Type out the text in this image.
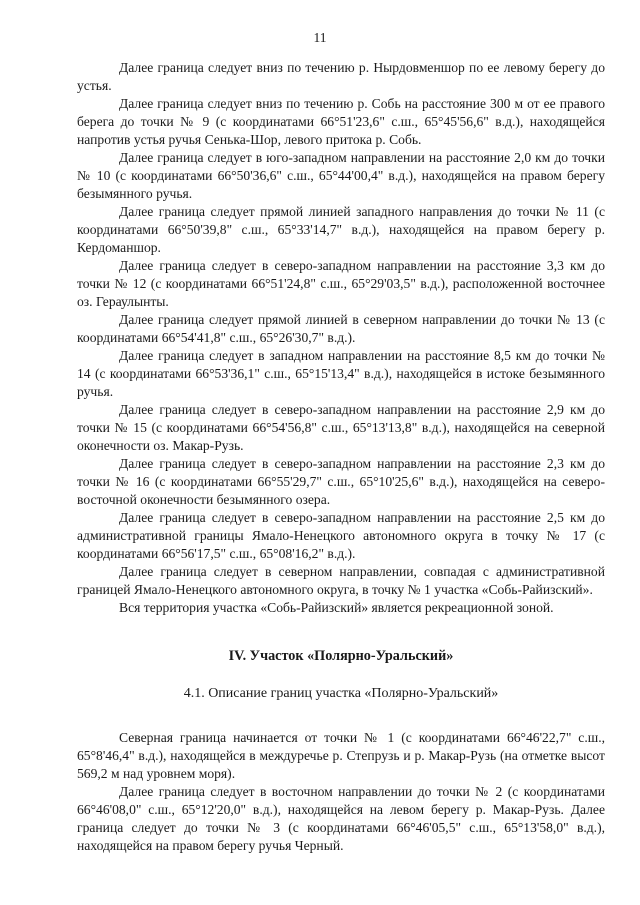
11

Далее граница следует вниз по течению р. Нырдовменшор по ее левому берегу до устья.

Далее граница следует вниз по течению р. Собь на расстояние 300 м от ее правого берега до точки № 9 (с координатами 66°51'23,6" с.ш., 65°45'56,6" в.д.), находящейся напротив устья ручья Сенька-Шор, левого притока р. Собь.

Далее граница следует в юго-западном направлении на расстояние 2,0 км до точки № 10 (с координатами 66°50'36,6" с.ш., 65°44'00,4" в.д.), находящейся на правом берегу безымянного ручья.

Далее граница следует прямой линией западного направления до точки № 11 (с координатами 66°50'39,8" с.ш., 65°33'14,7" в.д.), находящейся на правом берегу р. Кердоманшор.

Далее граница следует в северо-западном направлении на расстояние 3,3 км до точки № 12 (с координатами 66°51'24,8" с.ш., 65°29'03,5" в.д.), расположенной восточнее оз. Гераулынты.

Далее граница следует прямой линией в северном направлении до точки № 13 (с координатами 66°54'41,8" с.ш., 65°26'30,7" в.д.).

Далее граница следует в западном направлении на расстояние 8,5 км до точки № 14 (с координатами 66°53'36,1" с.ш., 65°15'13,4" в.д.), находящейся в истоке безымянного ручья.

Далее граница следует в северо-западном направлении на расстояние 2,9 км до точки № 15 (с координатами 66°54'56,8" с.ш., 65°13'13,8" в.д.), находящейся на северной оконечности оз. Макар-Рузь.

Далее граница следует в северо-западном направлении на расстояние 2,3 км до точки № 16 (с координатами 66°55'29,7" с.ш., 65°10'25,6" в.д.), находящейся на северо-восточной оконечности безымянного озера.

Далее граница следует в северо-западном направлении на расстояние 2,5 км до административной границы Ямало-Ненецкого автономного округа в точку № 17 (с координатами 66°56'17,5" с.ш., 65°08'16,2" в.д.).

Далее граница следует в северном направлении, совпадая с административной границей Ямало-Ненецкого автономного округа, в точку № 1 участка «Собь-Райизский».

Вся территория участка «Собь-Райизский» является рекреационной зоной.

IV. Участок «Полярно-Уральский»
4.1. Описание границ участка «Полярно-Уральский»

Северная граница начинается от точки № 1 (с координатами 66°46'22,7" с.ш., 65°8'46,4" в.д.), находящейся в междуречье р. Степрузь и р. Макар-Рузь (на отметке высот 569,2 м над уровнем моря).

Далее граница следует в восточном направлении до точки № 2 (с координатами 66°46'08,0" с.ш., 65°12'20,0" в.д.), находящейся на левом берегу р. Макар-Рузь. Далее граница следует до точки № 3 (с координатами 66°46'05,5" с.ш., 65°13'58,0" в.д.), находящейся на правом берегу ручья Черный.
